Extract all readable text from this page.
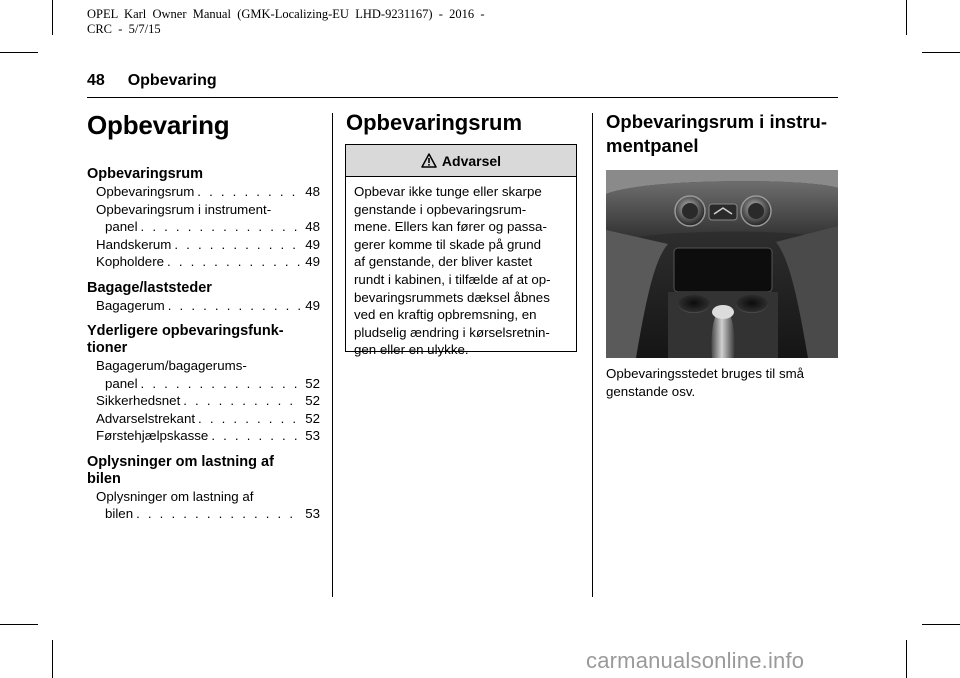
OPEL  Karl  Owner  Manual  (GMK-Localizing-EU  LHD-9231167)  -  2016  -
CRC  -  5/7/15
48 Opbevaring
Opbevaring
Opbevaringsrum
Opbevaringsrum . . .	48
Opbevaringsrum i instrument-
panel . . .	48
Handskerum . . .	49
Kopholdere . . .	49
Bagage/laststeder
Bagagerum . . .	49
Yderligere opbevaringsfunk-
tioner
Bagagerum/bagagerums-
panel . . .	52
Sikkerhedsnet . . .	52
Advarselstrekant . . .	52
Førstehjælpskasse . . .	53
Oplysninger om lastning af
bilen
Oplysninger om lastning af
bilen . . .	53
Opbevaringsrum
Advarsel
Opbevar ikke tunge eller skarpe
genstande i opbevaringsrum-
mene. Ellers kan fører og passa-
gerer komme til skade på grund
af genstande, der bliver kastet
rundt i kabinen, i tilfælde af at op-
bevaringsrummets dæksel åbnes
ved en kraftig opbremsning, en
pludselig ændring i kørselsretnin-
gen eller en ulykke.
Opbevaringsrum i instru-
mentpanel
Opbevaringsstedet bruges til små
genstande osv.
carmanualsonline.info
